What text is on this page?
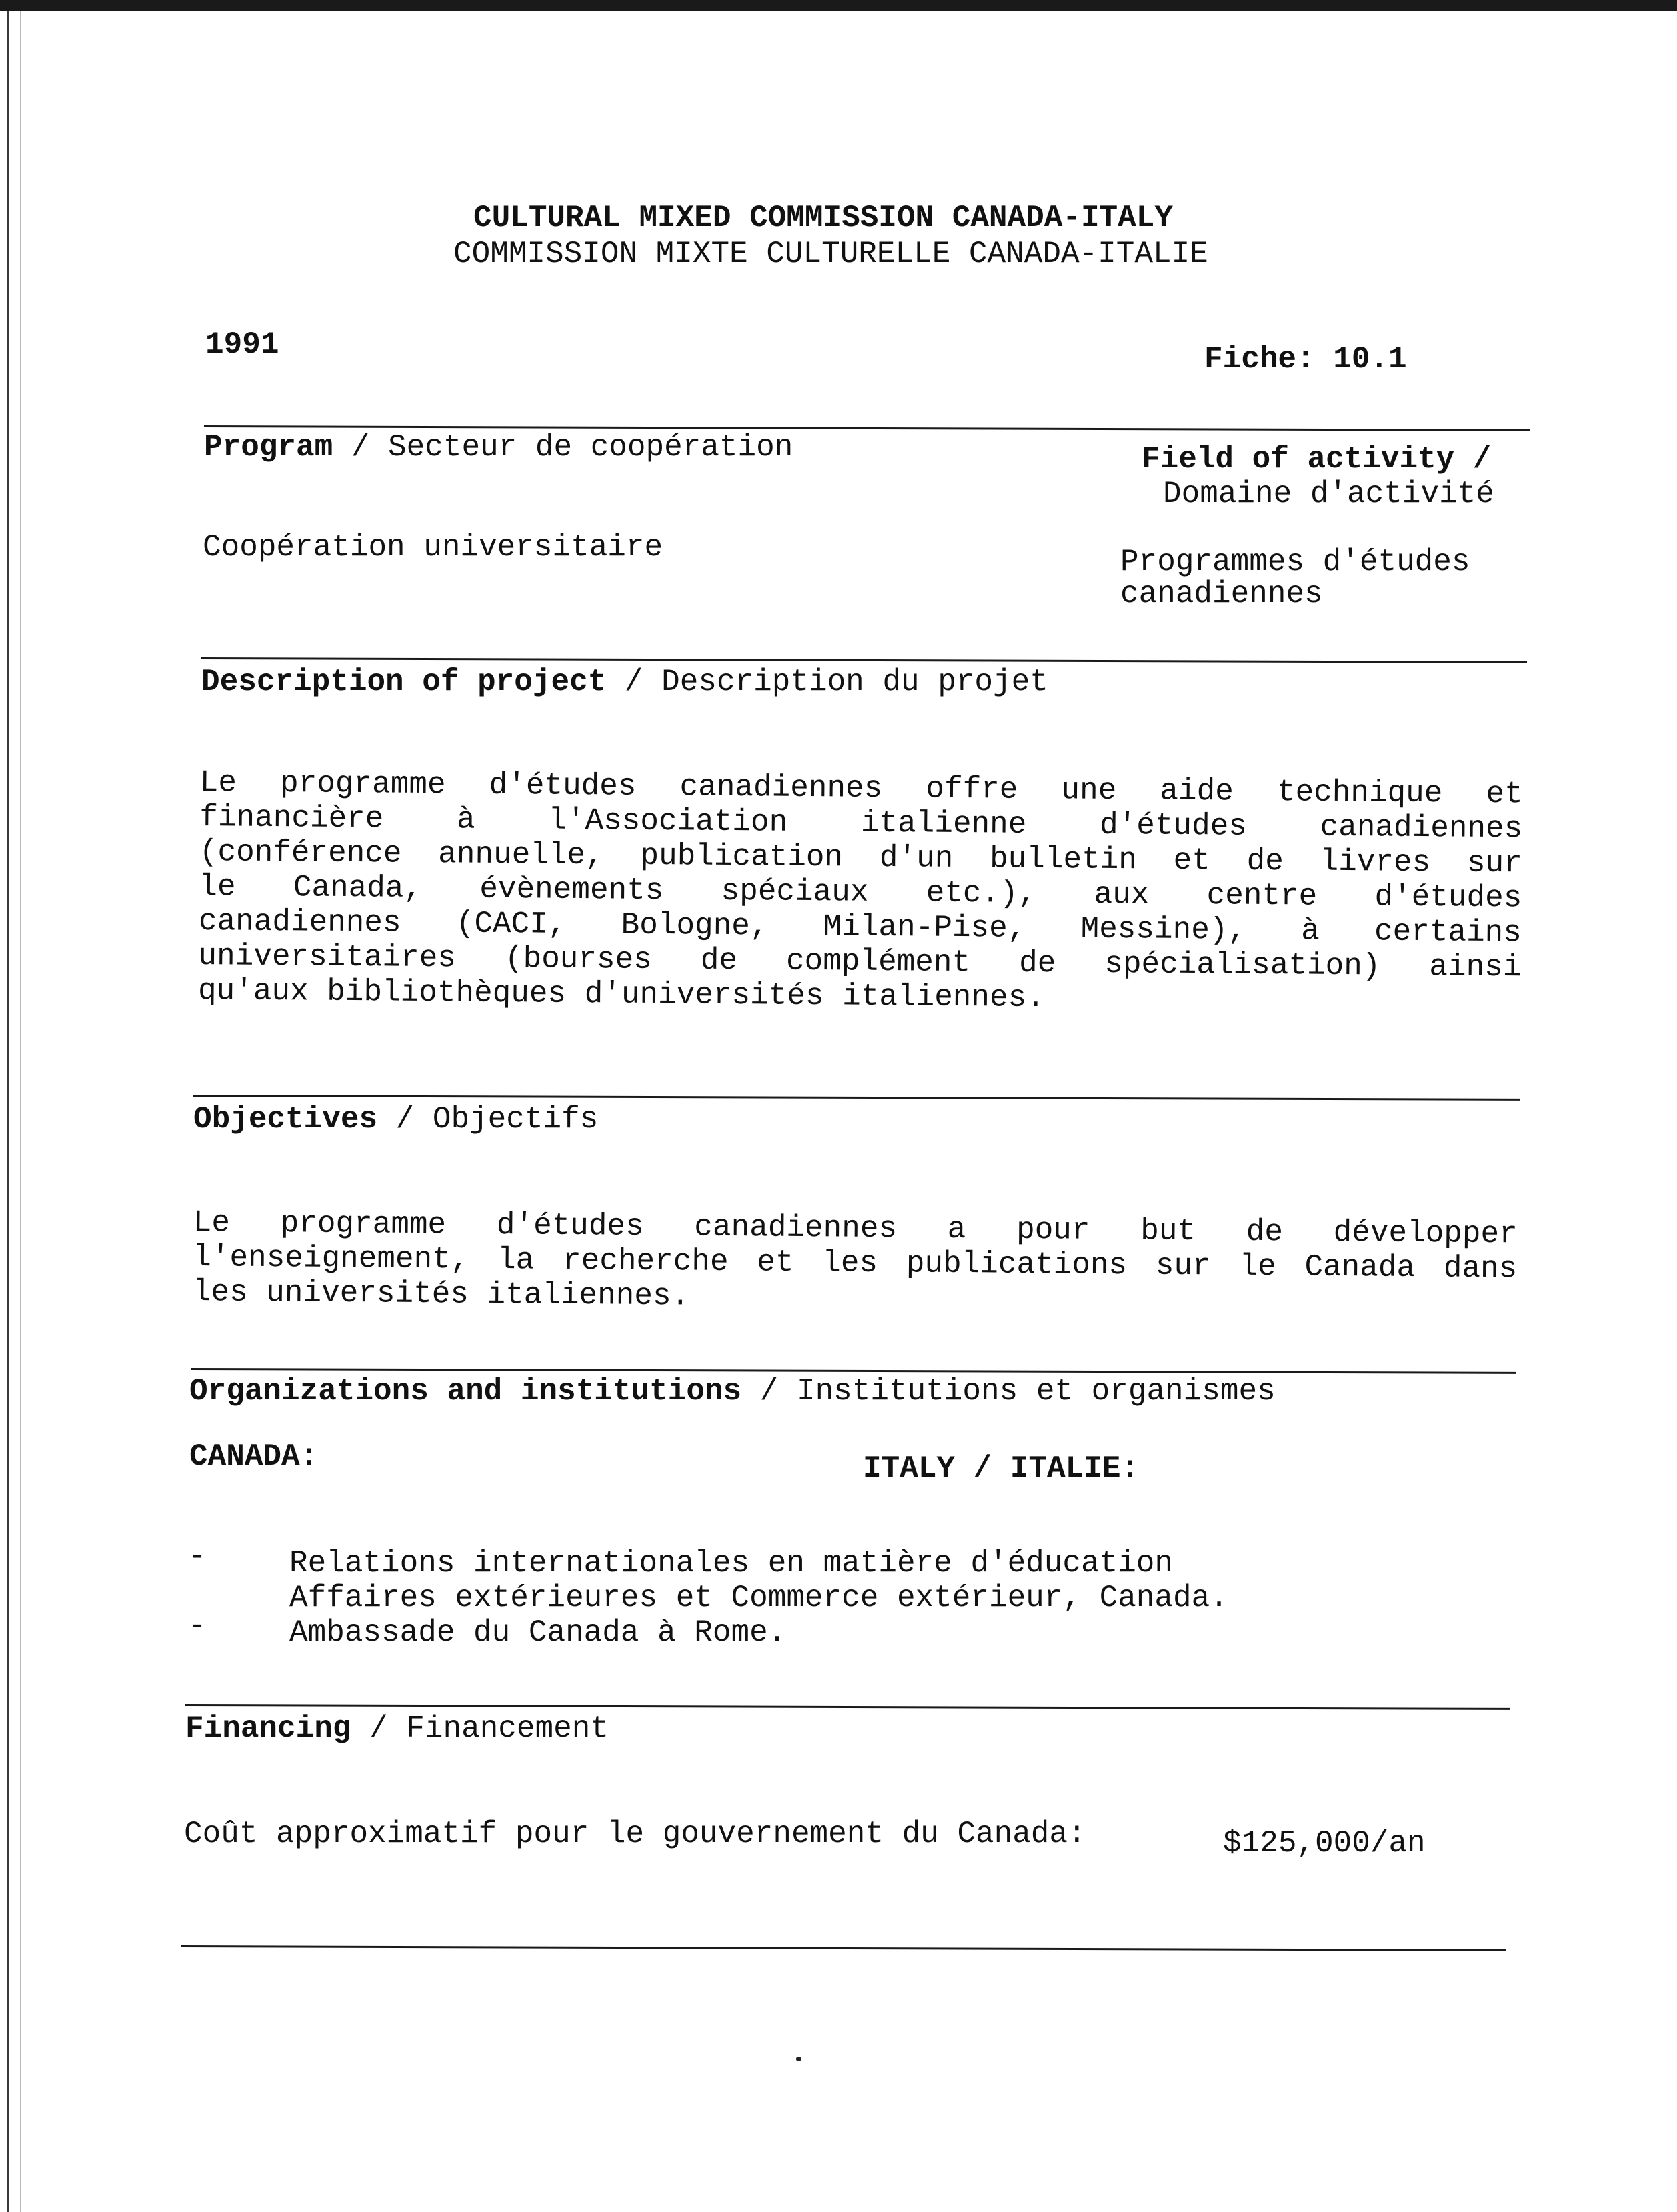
CULTURAL MIXED COMMISSION CANADA-ITALY
COMMISSION MIXTE CULTURELLE CANADA-ITALIE
1991	Fiche: 10.1
Program / Secteur de coopération	Field of activity /
Domaine d'activité
Coopération universitaire	Programmes d'études
canadiennes
Description of project / Description du projet
Le programme d'études canadiennes offre une aide technique et
financière à l'Association italienne d'études canadiennes
(conférence annuelle, publication d'un bulletin et de livres sur
le Canada, évènements spéciaux etc.), aux centre d'études
canadiennes (CACI, Bologne, Milan-Pise, Messine), à certains
universitaires (bourses de complément de spécialisation) ainsi
qu'aux bibliothèques d'universités italiennes.
Objectives / Objectifs
Le programme d'études canadiennes a pour but de développer
l'enseignement, la recherche et les publications sur le Canada dans
les universités italiennes.
Organizations and institutions / Institutions et organismes
CANADA:	ITALY / ITALIE:
-	Relations internationales en matière d'éducation
Affaires extérieures et Commerce extérieur, Canada.
-	Ambassade du Canada à Rome.
Financing / Financement
Coût approximatif pour le gouvernement du Canada:	$125,000/an
